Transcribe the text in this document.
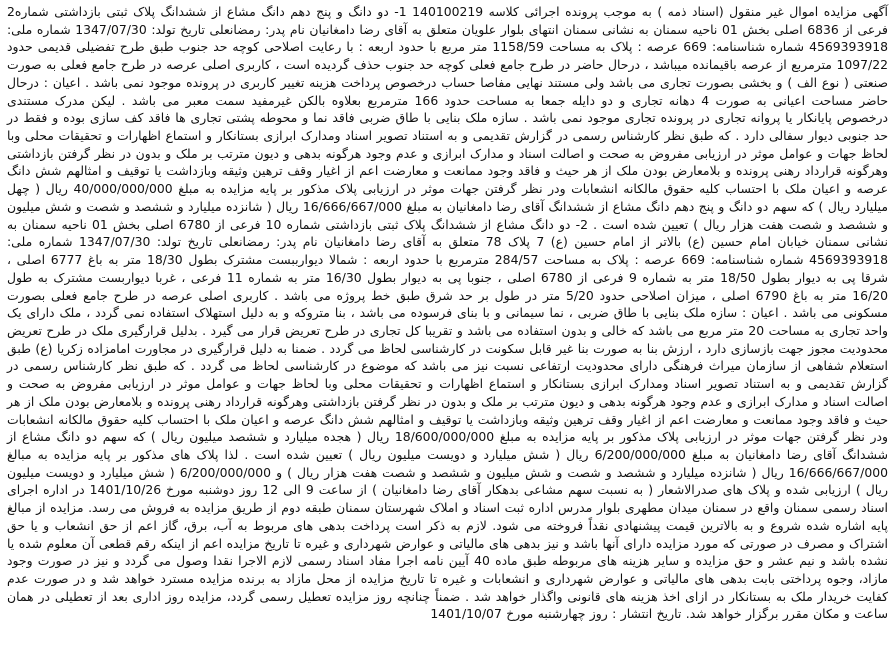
آگهی مزایده اموال غیر منقول (اسناد ذمه ) به موجب پرونده اجرائی کلاسه 140100219 1- دو دانگ و پنج دهم دانگ مشاع از ششدانگ پلاک ثبتی بازداشتی شماره2 فرعی از 6836 اصلی بخش 01 ناحیه سمنان به نشانی سمنان انتهای بلوار علویان متعلق به آقای رضا دامغانیان نام پدر: رمضانعلی تاریخ تولد: 1347/07/30 شماره ملی: 4569393918 شماره شناسنامه: 669 عرصه : پلاک به مساحت 1158/59 متر مربع با حدود اربعه : با رعایت اصلاحی کوچه حد جنوب طبق طرح تفضیلی قدیمی حدود 1097/22 مترمربع از عرصه باقیمانده میباشد ، درحال حاضر در طرح جامع فعلی کوچه حد جنوب حذف گردیده است ، کاربری اصلی عرصه در طرح جامع فعلی به صورت صنعتی ( نوع الف ) و بخشی بصورت تجاری می باشد ولی مستند نهایی مفاصا حساب درخصوص پرداخت هزینه تغییر کاربری در پرونده موجود نمی باشد . اعیان : درحال حاضر مساحت اعیانی به صورت 4 دهانه تجاری و دو دایله جمعا به مساحت حدود 166 مترمربع بعلاوه بالکن غیرمفید سمت معبر می باشد . لیکن مدرک مستندی درخصوص پایانکار یا پروانه تجاری در پرونده تجاری موجود نمی باشد . سازه ملک بنایی با طاق ضربی فاقد نما و محوطه پشتی تجاری ها فاقد کف سازی بوده و فقط در حد جنوبی دیوار سفالی دارد . که طبق نظر کارشناس رسمی در گزارش تقدیمی و به استناد تصویر اسناد ومدارک ابرازی بستانکار و استماع اظهارات و تحقیقات محلی وبا لحاظ جهات و عوامل موثر در ارزیابی مفروض به صحت و اصالت اسناد و مدارک ابرازی و عدم وجود هرگونه بدهی و دیون مترتب بر ملک و بدون در نظر گرفتن بازداشتی وهرگونه قرارداد رهنی پرونده و بلامعارض بودن ملک از هر حیث و فاقد وجود ممانعت و معارضت اعم از اغیار وقف ترهین وثیقه وبازداشت یا توقیف و امثالهم شش دانگ عرصه و اعیان ملک با احتساب کلیه حقوق مالکانه انشعابات ودر نظر گرفتن جهات موثر در ارزیابی پلاک مذکور بر پایه مزایده به مبلغ 40/000/000/000 ریال ( چهل میلیارد ریال ) که سهم دو دانگ و پنج دهم دانگ مشاع از ششدانگ آقای رضا دامغانیان به مبلغ 16/666/667/000 ریال ( شانزده میلیارد و ششصد و شصت و شش میلیون و ششصد و شصت هفت هزار ریال ) تعیین شده است . 2- دو دانگ مشاع از ششدانگ پلاک ثبتی بازداشتی شماره 10 فرعی از 6780 اصلی بخش 01 ناحیه سمنان به نشانی سمنان خیابان امام حسین (ع) بالاتر از امام حسین (ع) 7 پلاک 78 متعلق به آقای رضا دامغانیان نام پدر: رمضانعلی تاریخ تولد: 1347/07/30 شماره ملی: 4569393918 شماره شناسنامه: 669 عرصه : پلاک به مساحت 284/57 مترمربع با حدود اربعه : شمالا دیوارببست مشترک بطول 18/30 متر به باغ 6777 اصلی ، شرقا پی به دیوار بطول 18/50 متر به شماره 9 فرعی از 6780 اصلی ، جنوبا پی به دیوار بطول 16/30 متر به شماره 11 فرعی ، غربا دیواربست مشترک به طول 16/20 متر به باغ 6790 اصلی ، میزان اصلاحی حدود 5/20 متر در طول بر حد شرق طبق خط پروژه می باشد . کاربری اصلی عرصه در طرح جامع فعلی بصورت مسکونی می باشد . اعیان : سازه ملک بنایی با طاق ضربی ، نما سیمانی و با بنای فرسوده می باشد ، بنا متروکه و به دلیل استهلاک استفاده نمی گردد ، ملک دارای یک واحد تجاری به مساحت 20 متر مربع می باشد که خالی و بدون استفاده می باشد و تقریبا کل تجاری در طرح تعریض قرار می گیرد . بدلیل قرارگیری ملک در طرح تعریض محدودیت مجوز جهت بازسازی دارد ، ارزش بنا به صورت بنا غیر قابل سکونت در کارشناسی لحاظ می گردد . ضمنا به دلیل قرارگیری در مجاورت امامزاده زکریا (ع) طبق استعلام شفاهی از سازمان میراث فرهنگی دارای محدودیت ارتفاعی نسبت نیز می باشد که موضوع در کارشناسی لحاظ می گردد . که طبق نظر کارشناس رسمی در گزارش تقدیمی و به استناد تصویر اسناد ومدارک ابرازی بستانکار و استماع اظهارات و تحقیقات محلی وبا لحاظ جهات و عوامل موثر در ارزیابی مفروض به صحت و اصالت اسناد و مدارک ابرازی و عدم وجود هرگونه بدهی و دیون مترتب بر ملک و بدون در نظر گرفتن بازداشتی وهرگونه قرارداد رهنی پرونده و بلامعارض بودن ملک از هر حیث و فاقد وجود ممانعت و معارضت اعم از اغیار وقف ترهین وثیقه وبازداشت یا توقیف و امثالهم شش دانگ عرصه و اعیان ملک با احتساب کلیه حقوق مالکانه انشعابات ودر نظر گرفتن جهات موثر در ارزیابی پلاک مذکور بر پایه مزایده به مبلغ 18/600/000/000 ریال ( هجده میلیارد و ششصد میلیون ریال ) که سهم دو دانگ مشاع از ششدانگ آقای رضا دامغانیان به مبلغ 6/200/000/000 ریال ( شش میلیارد و دویست میلیون ریال ) تعیین شده است . لذا پلاک های مذکور بر پایه مزایده به مبالغ 16/666/667/000 ریال ( شانزده میلیارد و ششصد و شصت و شش میلیون و ششصد و شصت هفت هزار ریال ) و 6/200/000/000 ( شش میلیارد و دویست میلیون ریال ) ارزیابی شده و پلاک های صدرالاشعار ( به نسبت سهم مشاعی بدهکار آقای رضا دامغانیان ) از ساعت 9 الی 12 روز دوشنبه مورخ 1401/10/26 در اداره اجرای اسناد رسمی سمنان واقع در سمنان میدان مطهری بلوار مدرس اداره ثبت اسناد و املاک شهرستان سمنان طبقه دوم از طریق مزایده به فروش می رسد. مزایده از مبالغ پایه اشاره شده شروع و به بالاترین قیمت پیشنهادی نقداً فروخته می شود. لازم به ذکر است پرداخت بدهی های مربوط به آب، برق، گاز اعم از حق انشعاب و یا حق اشتراک و مصرف در صورتی که مورد مزایده دارای آنها باشد و نیز بدهی های مالیاتی و عوارض شهرداری و غیره تا تاریخ مزایده اعم از اینکه رقم قطعی آن معلوم شده یا نشده باشد و نیم عشر و حق مزایده و سایر هزینه های مربوطه طبق ماده 40 آیین نامه اجرا مفاد اسناد رسمی لازم الاجرا نقدا وصول می گردد و نیز در صورت وجود مازاد، وجوه پرداختی بابت بدهی های مالیاتی و عوارض شهرداری و انشعابات و غیره تا تاریخ مزایده از محل مازاد به برنده مزایده مسترد خواهد شد و در صورت عدم کفایت خریدار ملک به بستانکار در ازای اخذ هزینه های قانونی واگذار خواهد شد . ضمناً چنانچه روز مزایده تعطیل رسمی گردد، مزایده روز اداری بعد از تعطیلی در همان ساعت و مکان مقرر برگزار خواهد شد. تاریخ انتشار : روز چهارشنبه مورخ 1401/10/07
